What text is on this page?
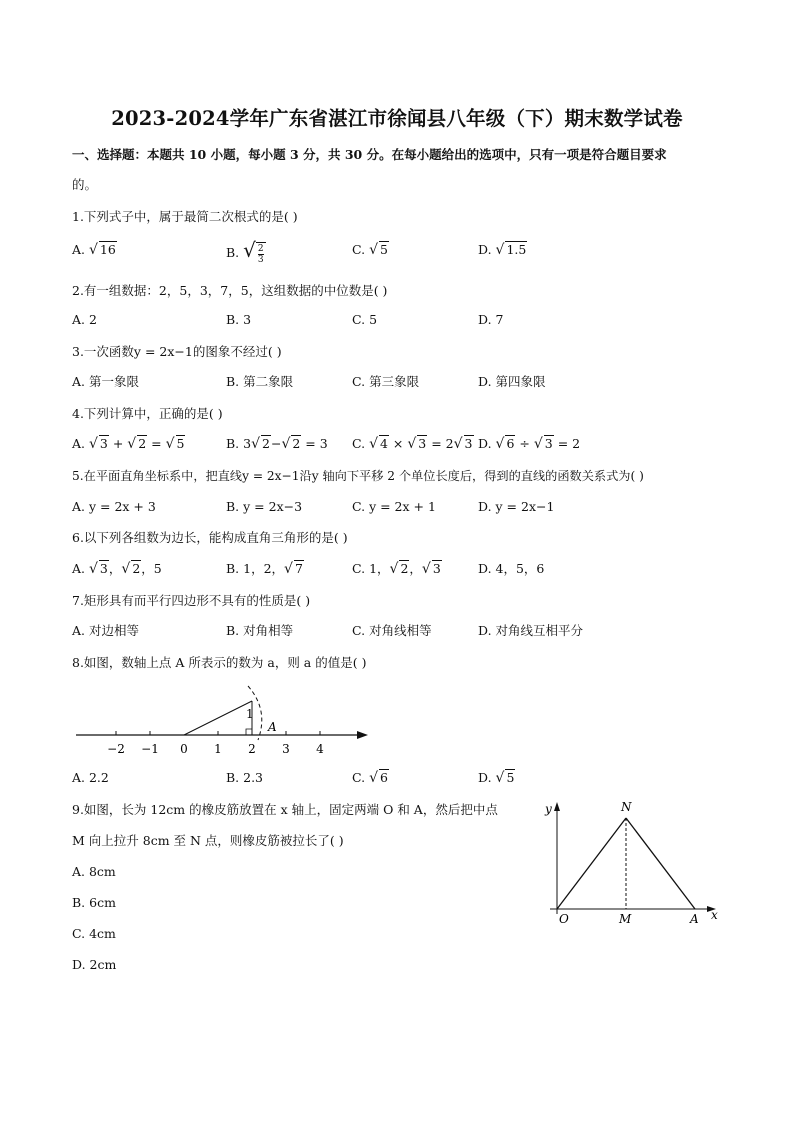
2023-2024学年广东省湛江市徐闻县八年级（下）期末数学试卷
一、选择题：本题共 10 小题，每小题 3 分，共 30 分。在每小题给出的选项中，只有一项是符合题目要求
的。
1.下列式子中，属于最简二次根式的是( )
A. √ 16	B. √ $\frac{2}{3}$	C. √ 5	D. √ 1.5
2.有一组数据：2，5，3，7，5，这组数据的中位数是( )
A. 2	B. 3	C. 5	D. 7
3.一次函数y = 2x−1的图象不经过( )
A. 第一象限	B. 第二象限	C. 第三象限	D. 第四象限
4.下列计算中，正确的是( )
A. √ 3 + √ 2 = √ 5	B. 3√ 2−√ 2 = 3 C. √ 4 × √ 3 = 2√ 3 D. √ 6 ÷ √ 3 = 2
5.在平面直角坐标系中，把直线y = 2x−1沿y 轴向下平移 2 个单位长度后，得到的直线的函数关系式为( )
A. y = 2x + 3	B. y = 2x−3	C. y = 2x + 1	D. y = 2x−1
6.以下列各组数为边长，能构成直角三角形的是( )
A. √ 3，√ 2，5	B. 1，2，√ 7	C. 1，√ 2，√ 3	D. 4，5，6
7.矩形具有而平行四边形不具有的性质是( )
A. 对边相等	B. 对角相等	C. 对角线相等	D. 对角线互相平分
8.如图，数轴上点 A 所表示的数为 a，则 a 的值是( )
1
A
−2 −1 0 1 2 3 4
A. 2.2	B. 2.3	C. √ 6	D. √ 5
9.如图，长为 12cm 的橡皮筋放置在 x 轴上，固定两端 O 和 A，然后把中点
M 向上拉升 8cm 至 N 点，则橡皮筋被拉长了( )
A. 8cm
B. 6cm
C. 4cm
D. 2cm
y
x
N
O	M	A
